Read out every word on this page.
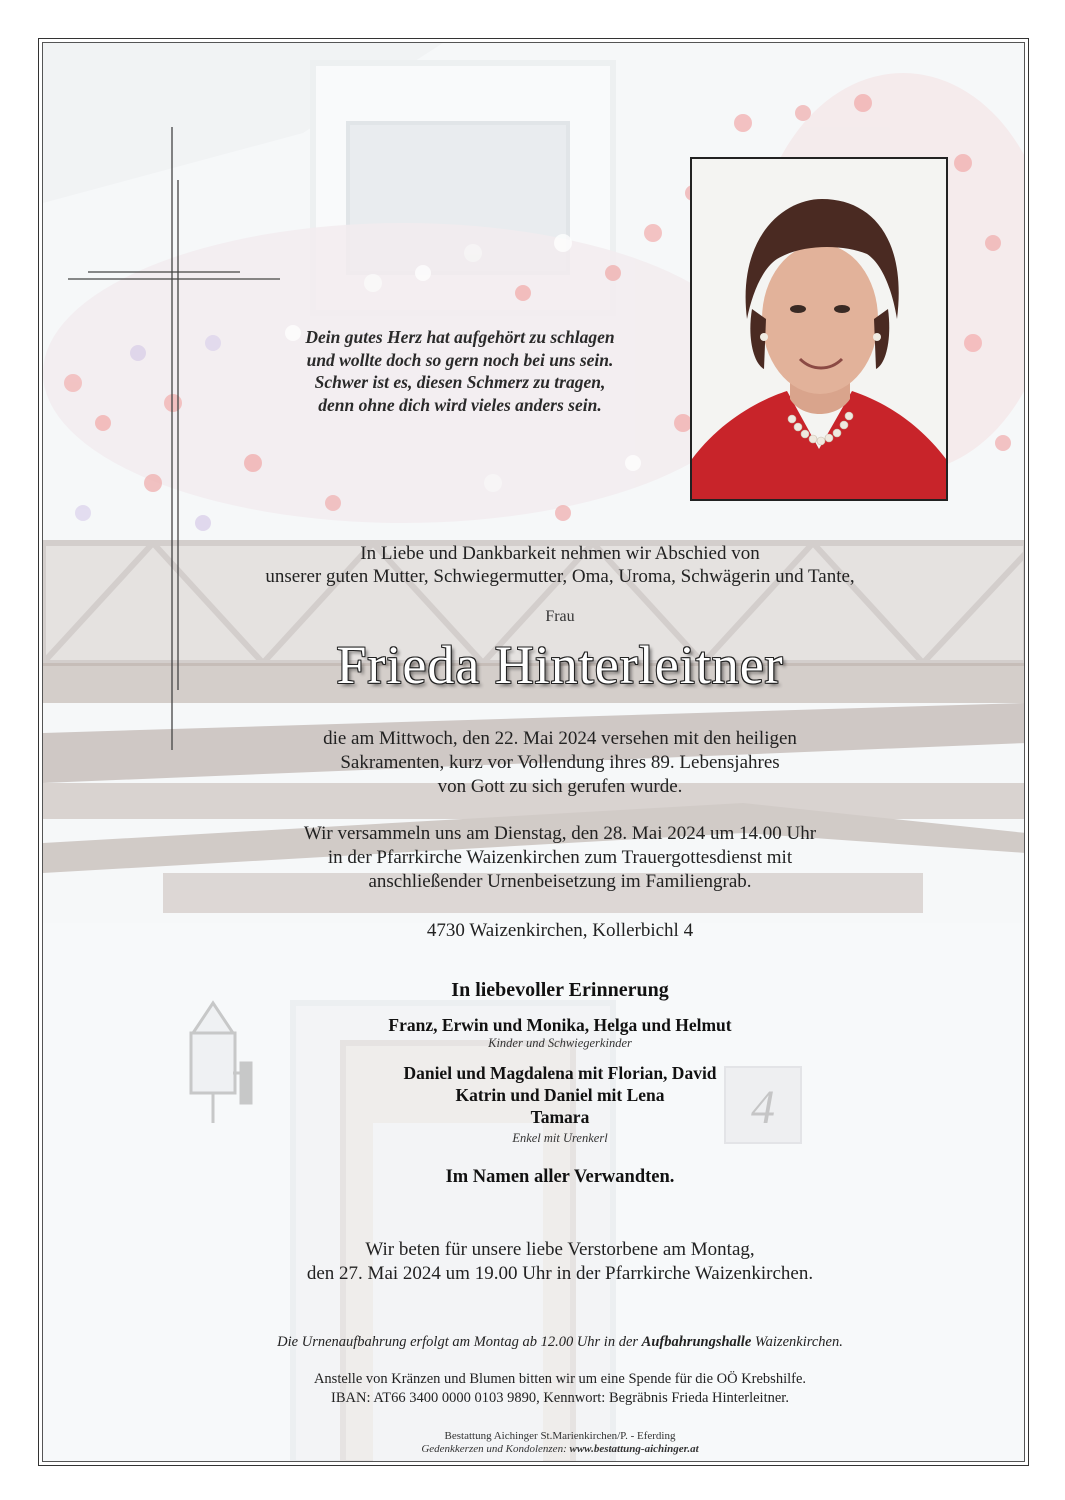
4
Dein gutes Herz hat aufgehört zu schlagen
und wollte doch so gern noch bei uns sein.
Schwer ist es, diesen Schmerz zu tragen,
denn ohne dich wird vieles anders sein.
In Liebe und Dankbarkeit nehmen wir Abschied von
unserer guten Mutter, Schwiegermutter, Oma, Uroma, Schwägerin und Tante,
Frau
Frieda Hinterleitner
die am Mittwoch, den 22. Mai 2024 versehen mit den heiligen
Sakramenten, kurz vor Vollendung ihres 89. Lebensjahres
von Gott zu sich gerufen wurde.
Wir versammeln uns am Dienstag, den 28. Mai 2024 um 14.00 Uhr
in der Pfarrkirche Waizenkirchen zum Trauergottesdienst mit
anschließender Urnenbeisetzung im Familiengrab.
4730 Waizenkirchen, Kollerbichl 4
In liebevoller Erinnerung
Franz, Erwin und Monika, Helga und Helmut
Kinder und Schwiegerkinder
Daniel und Magdalena mit Florian, David
Katrin und Daniel mit Lena
Tamara
Enkel mit Urenkerl
Im Namen aller Verwandten.
Wir beten für unsere liebe Verstorbene am Montag,
den 27. Mai 2024 um 19.00 Uhr in der Pfarrkirche Waizenkirchen.
Die Urnenaufbahrung erfolgt am Montag ab 12.00 Uhr in der Aufbahrungshalle Waizenkirchen.
Anstelle von Kränzen und Blumen bitten wir um eine Spende für die OÖ Krebshilfe.
IBAN: AT66 3400 0000 0103 9890, Kennwort: Begräbnis Frieda Hinterleitner.
Bestattung Aichinger St.Marienkirchen/P. - Eferding
Gedenkkerzen und Kondolenzen: www.bestattung-aichinger.at
